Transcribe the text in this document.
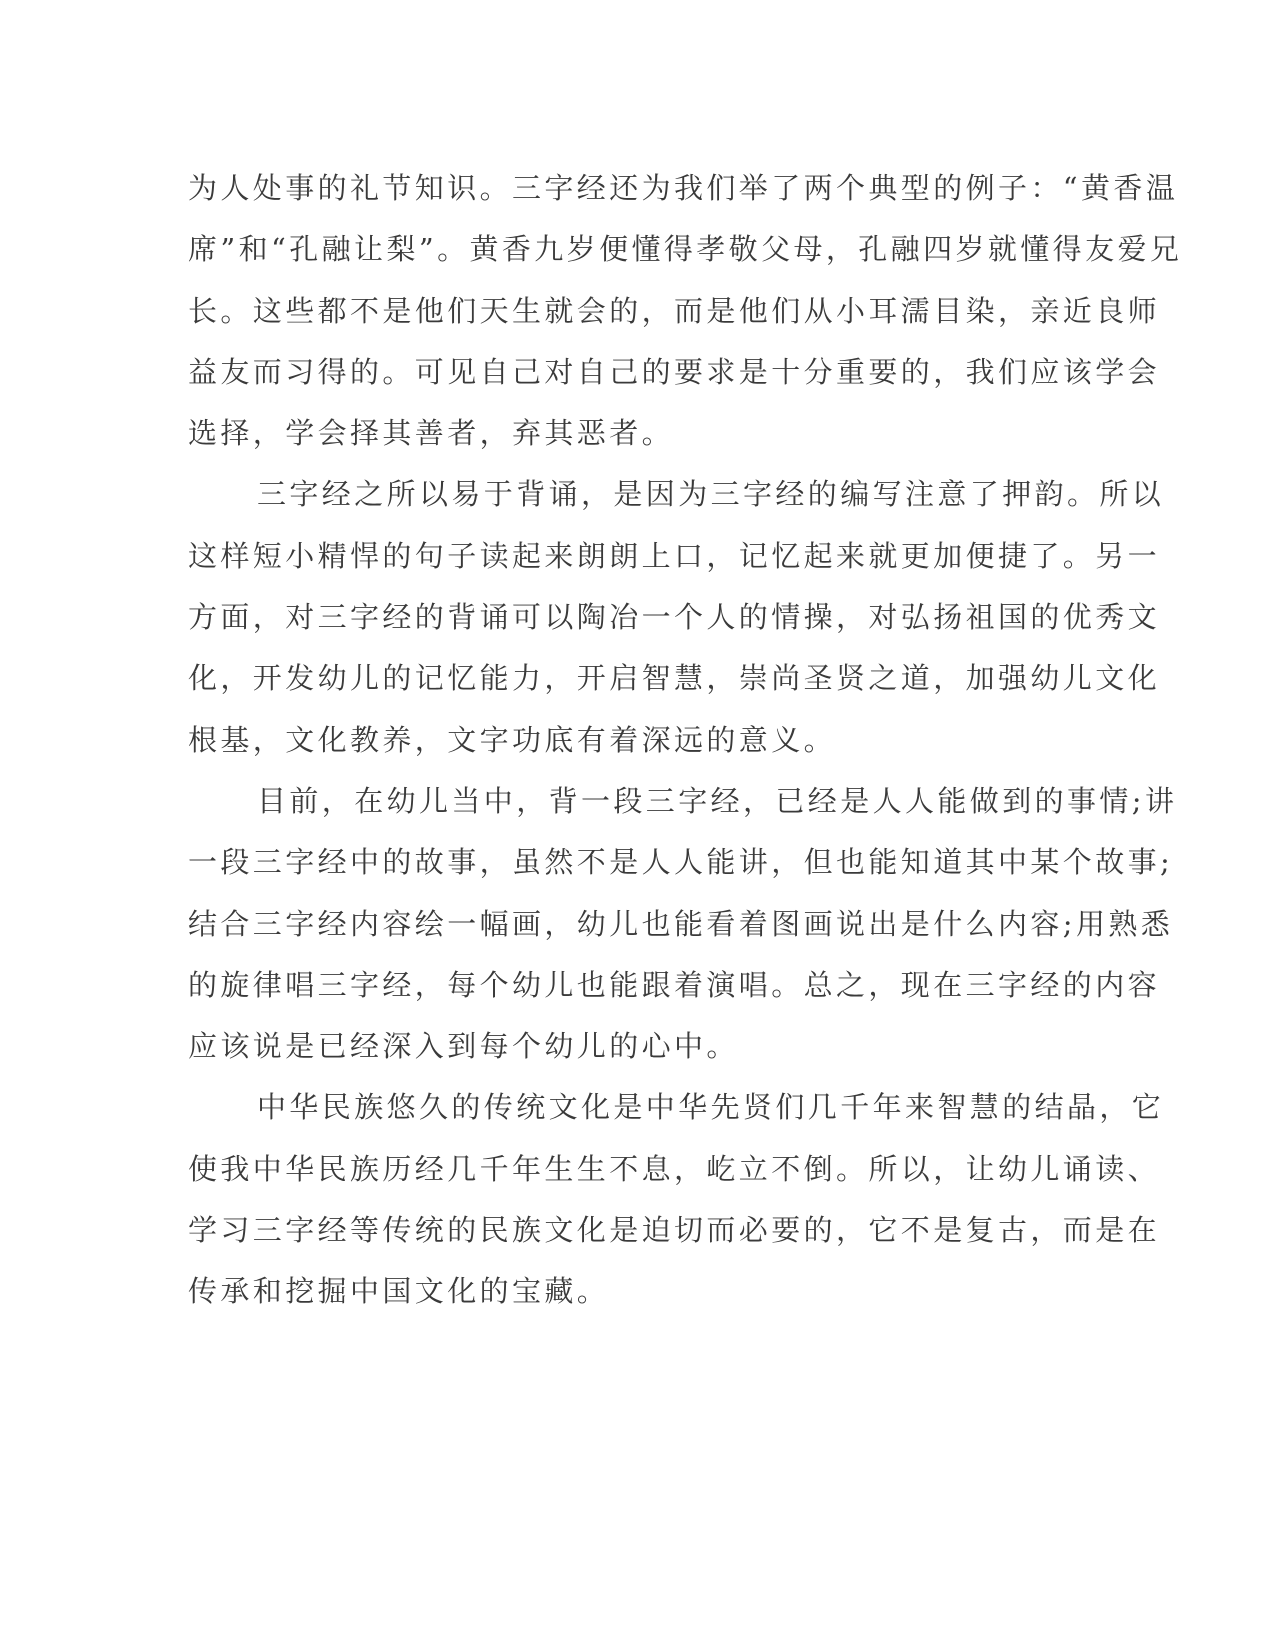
为人处事的礼节知识。三字经还为我们举了两个典型的例子：“黄香温
席”和“孔融让梨”。黄香九岁便懂得孝敬父母，孔融四岁就懂得友爱兄
长。这些都不是他们天生就会的，而是他们从小耳濡目染，亲近良师
益友而习得的。可见自己对自己的要求是十分重要的，我们应该学会
选择，学会择其善者，弃其恶者。

三字经之所以易于背诵，是因为三字经的编写注意了押韵。所以
这样短小精悍的句子读起来朗朗上口，记忆起来就更加便捷了。另一
方面，对三字经的背诵可以陶冶一个人的情操，对弘扬祖国的优秀文
化，开发幼儿的记忆能力，开启智慧，崇尚圣贤之道，加强幼儿文化
根基，文化教养，文字功底有着深远的意义。

目前，在幼儿当中，背一段三字经，已经是人人能做到的事情;讲
一段三字经中的故事，虽然不是人人能讲，但也能知道其中某个故事;
结合三字经内容绘一幅画，幼儿也能看着图画说出是什么内容;用熟悉
的旋律唱三字经，每个幼儿也能跟着演唱。总之，现在三字经的内容
应该说是已经深入到每个幼儿的心中。

中华民族悠久的传统文化是中华先贤们几千年来智慧的结晶，它
使我中华民族历经几千年生生不息，屹立不倒。所以，让幼儿诵读、
学习三字经等传统的民族文化是迫切而必要的，它不是复古，而是在
传承和挖掘中国文化的宝藏。
